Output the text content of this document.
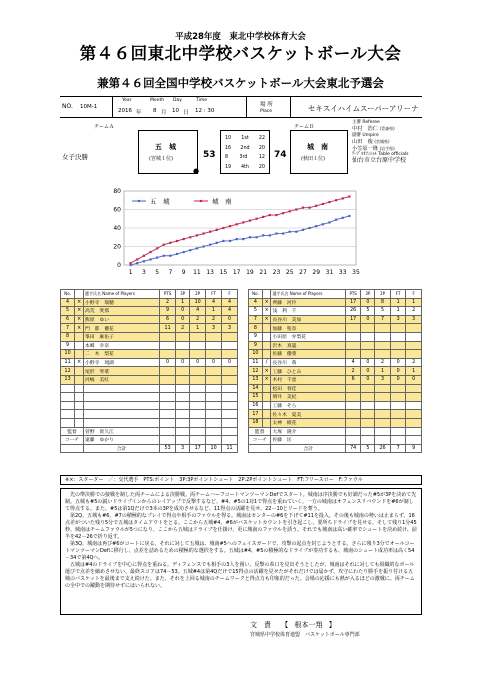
平成28年度　東北中学校体育大会
第４６回東北中学校バスケットボール大会
兼第４６回全国中学校バスケットボール大会東北予選会
NO. 10M-1
Year	Month Day	Time
2016 年 8 月 10 日 12 : 30
場 所
Place	セキスイハイムスーパーアリーナ
チームＡ	チームＢ
女子決勝
五　城
(宮城１位)	53
●
10 1st 22
16 2nd 20
8 3rd 12
19 4th 20
74
城　南
(秋田１位)
主審 Referee
中村　浩仁 (青森県)
副審 Umpire
山田　俊 (宮城県)
小笠原一隆 (岩手県)
ﾃｰﾌﾞﾙｵﾌｨｼｬﾙ Table officials
仙台市立台原中学校
0
20
40
60
80
1 3 5 7 9 11 13 15 17 19 21 23 25 27 29 31 33 35
五　城	城　南
No.		選手氏名 Name of Players	PTS	3P	2P	FT	F
4	×	小野寺　瑞穂	2	1	10	4	4
5	×	高荒　愛那	9	0	4	1	4
6	×	熊原　ゆい	6	0	2	2	0
7	×	門　都　優花	11	2	1	3	3
8		峯田　麻佑子					
9		本郷　幸奈					
10		二　木　梨花					
11	×	小野寺　琉湖	0	0	0	0	0
12		尾形　琴菜					
13		河嶋　美紅					

監督		菅野　貴久江					
コーチ		遠藤　ゆかり					
		合計	53	3	17	10	11
No.		選手氏名 Name of Players	PTS	3P	2P	FT	F
4	×	齊藤　河伶	17	0	8	1	1
5	×	浅　利　千	26	5	5	1	2
7	×	長谷川　美加	17	0	7	3	3
8		加藤　聖奈					
9		小田原　弁梨花					
9		沢木　真嵐					
10		佐藤　優菜					
11	/	長谷川　萌	4	0	2	0	2
12	×	工藤　ひとみ	2	0	1	0	1
13	×	木村　千恵	6	0	3	0	0
14		松田　春佳					
15		増井　美紀					
16		工藤　そら					
17		佐々木　夏美					
18		太神　綾花					
監督		大塚　隆介					
コーチ		佐藤　匡					
		合計	74	5	26	7	9
※×：スターター　／：交代選手　PTS:ポイント　3P:3Pポイントシュート　2P:2Pポイントシュート　FT:フリースロー　F:ファウル
先の準決勝での接戦を制した両チームによる決勝戦。両チームハーフコートマンツーマンDefでスタート。城南は序決勝でも好調だった#5が3Pを決めて先制。五城も#5の鋭いドライブインからのレイアップで反撃するなど、#4、#5の1対1で得点を重ねていく。一方の城南はオフェンスリバウンドを#6が制して得点する。また、#5は第1Qだけで3本の3Pを成功させるなど、11得点の活躍を見せ、22－10とリードを奪う。
第2Q、五城も#6、#7の積極的なプレイで得点や相手のファウルを得る。城南はセンターの#6を下げて#11を投入。その後も城南の勢いは止まらず、16点差がついた残り5分で五城はタイムアウトをとる。ここから五城#4、#6がバスケットカウントを引き起こし、要所ちドライブを見せる。そして残り1分45秒、城南はチームファウルが5つになり、ここから五城はドライブを仕掛け、更に城南のファウルを誘う。それでも城南は高い確率でシュートを決め続け、前半を42－26で折り返す。
第3Q、城南は再び#6がコートに戻る。それに対して五城は、城南#5へのフェイスガードで、攻撃の起点を封じようとする。さらに残り3分でオールコートマンツーマンDefに移行し、点差を詰めるための積極的な選択をする。五城は#4、#5の積極的なドライブが奏功するも、城南のシュート成功率は高く54－34で第4Qへ。
五城は#4のドライブを中心に得点を重ねる。ディフェンスでも相手の3人を囲い、反撃の糸口を見出そうとしたが、城南はそれに対しても組織的なボール運びで点差を縮めさせない。最終スコアは74－53。五城#4は第4Qだけで15得点の活躍を見せたがそれだけでは届かず、攻守にわたり勝手を振り付ける五城のバスケットを最後まで支え続けた。また、それを上回る城南のチームワークと得点力も印象的だった。会場の応援にも熱が入るほどの激戦に。両チームの全中での躍動を期待せずにはいられない。
文　責 【 根本一翔 】
宮城県中学校体育連盟　バスケットボール専門部
